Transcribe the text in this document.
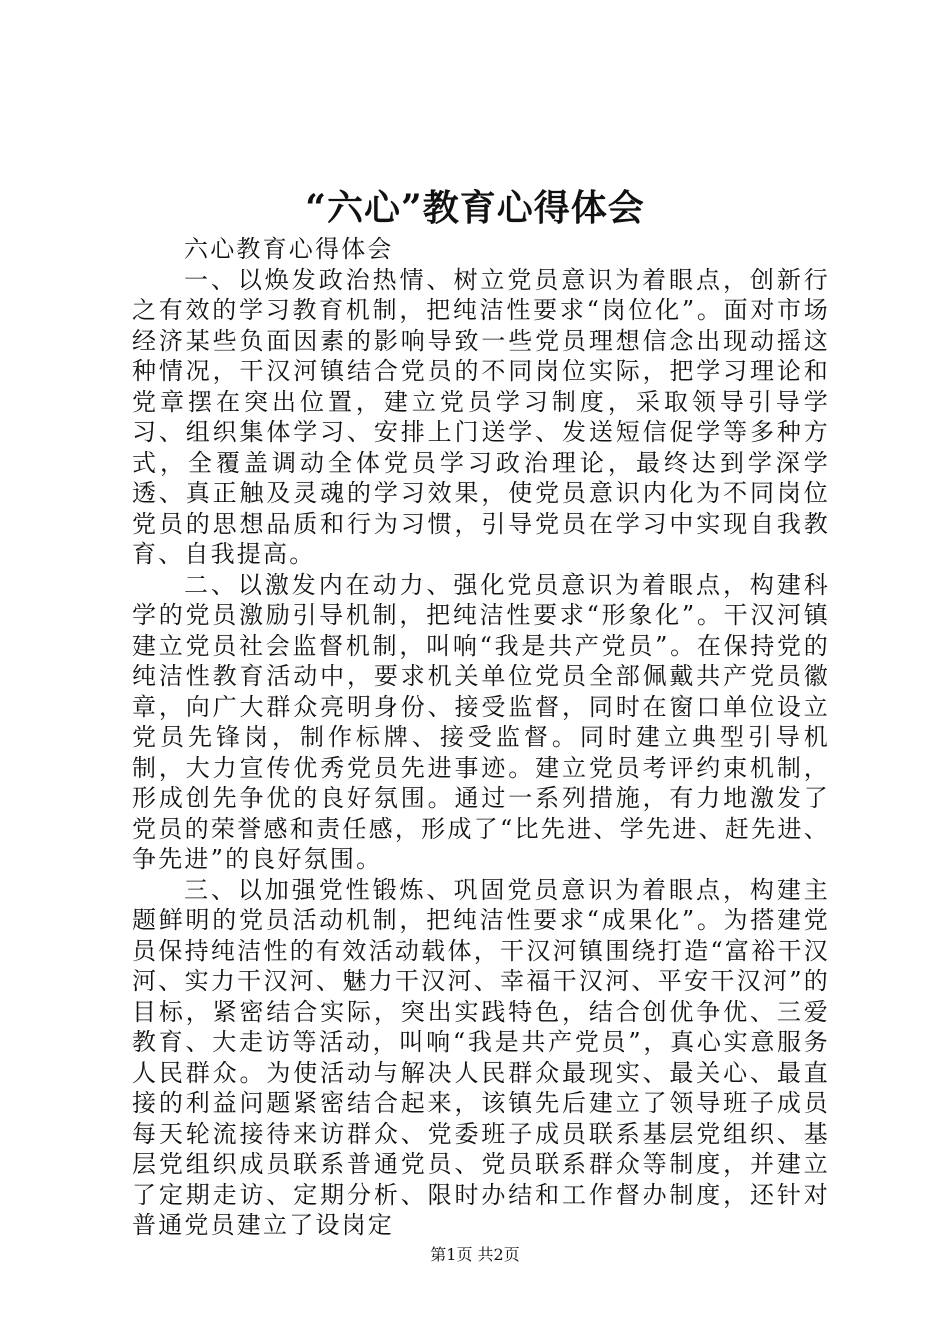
“六心”教育心得体会

六心教育心得体会

一、以焕发政治热情、树立党员意识为着眼点，创新行之有效的学习教育机制，把纯洁性要求“岗位化”。面对市场经济某些负面因素的影响导致一些党员理想信念出现动摇这种情况，干汉河镇结合党员的不同岗位实际，把学习理论和党章摆在突出位置，建立党员学习制度，采取领导引导学习、组织集体学习、安排上门送学、发送短信促学等多种方式，全覆盖调动全体党员学习政治理论，最终达到学深学透、真正触及灵魂的学习效果，使党员意识内化为不同岗位党员的思想品质和行为习惯，引导党员在学习中实现自我教育、自我提高。

二、以激发内在动力、强化党员意识为着眼点，构建科学的党员激励引导机制，把纯洁性要求“形象化”。干汉河镇建立党员社会监督机制，叫响“我是共产党员”。在保持党的纯洁性教育活动中，要求机关单位党员全部佩戴共产党员徽章，向广大群众亮明身份、接受监督，同时在窗口单位设立党员先锋岗，制作标牌、接受监督。同时建立典型引导机制，大力宣传优秀党员先进事迹。建立党员考评约束机制，形成创先争优的良好氛围。通过一系列措施，有力地激发了党员的荣誉感和责任感，形成了“比先进、学先进、赶先进、争先进”的良好氛围。

三、以加强党性锻炼、巩固党员意识为着眼点，构建主题鲜明的党员活动机制，把纯洁性要求“成果化”。为搭建党员保持纯洁性的有效活动载体，干汉河镇围绕打造“富裕干汉河、实力干汉河、魅力干汉河、幸福干汉河、平安干汉河”的目标，紧密结合实际，突出实践特色，结合创优争优、三爱教育、大走访等活动，叫响“我是共产党员”，真心实意服务人民群众。为使活动与解决人民群众最现实、最关心、最直接的利益问题紧密结合起来，该镇先后建立了领导班子成员每天轮流接待来访群众、党委班子成员联系基层党组织、基层党组织成员联系普通党员、党员联系群众等制度，并建立了定期走访、定期分析、限时办结和工作督办制度，还针对普通党员建立了设岗定

第1页 共2页
